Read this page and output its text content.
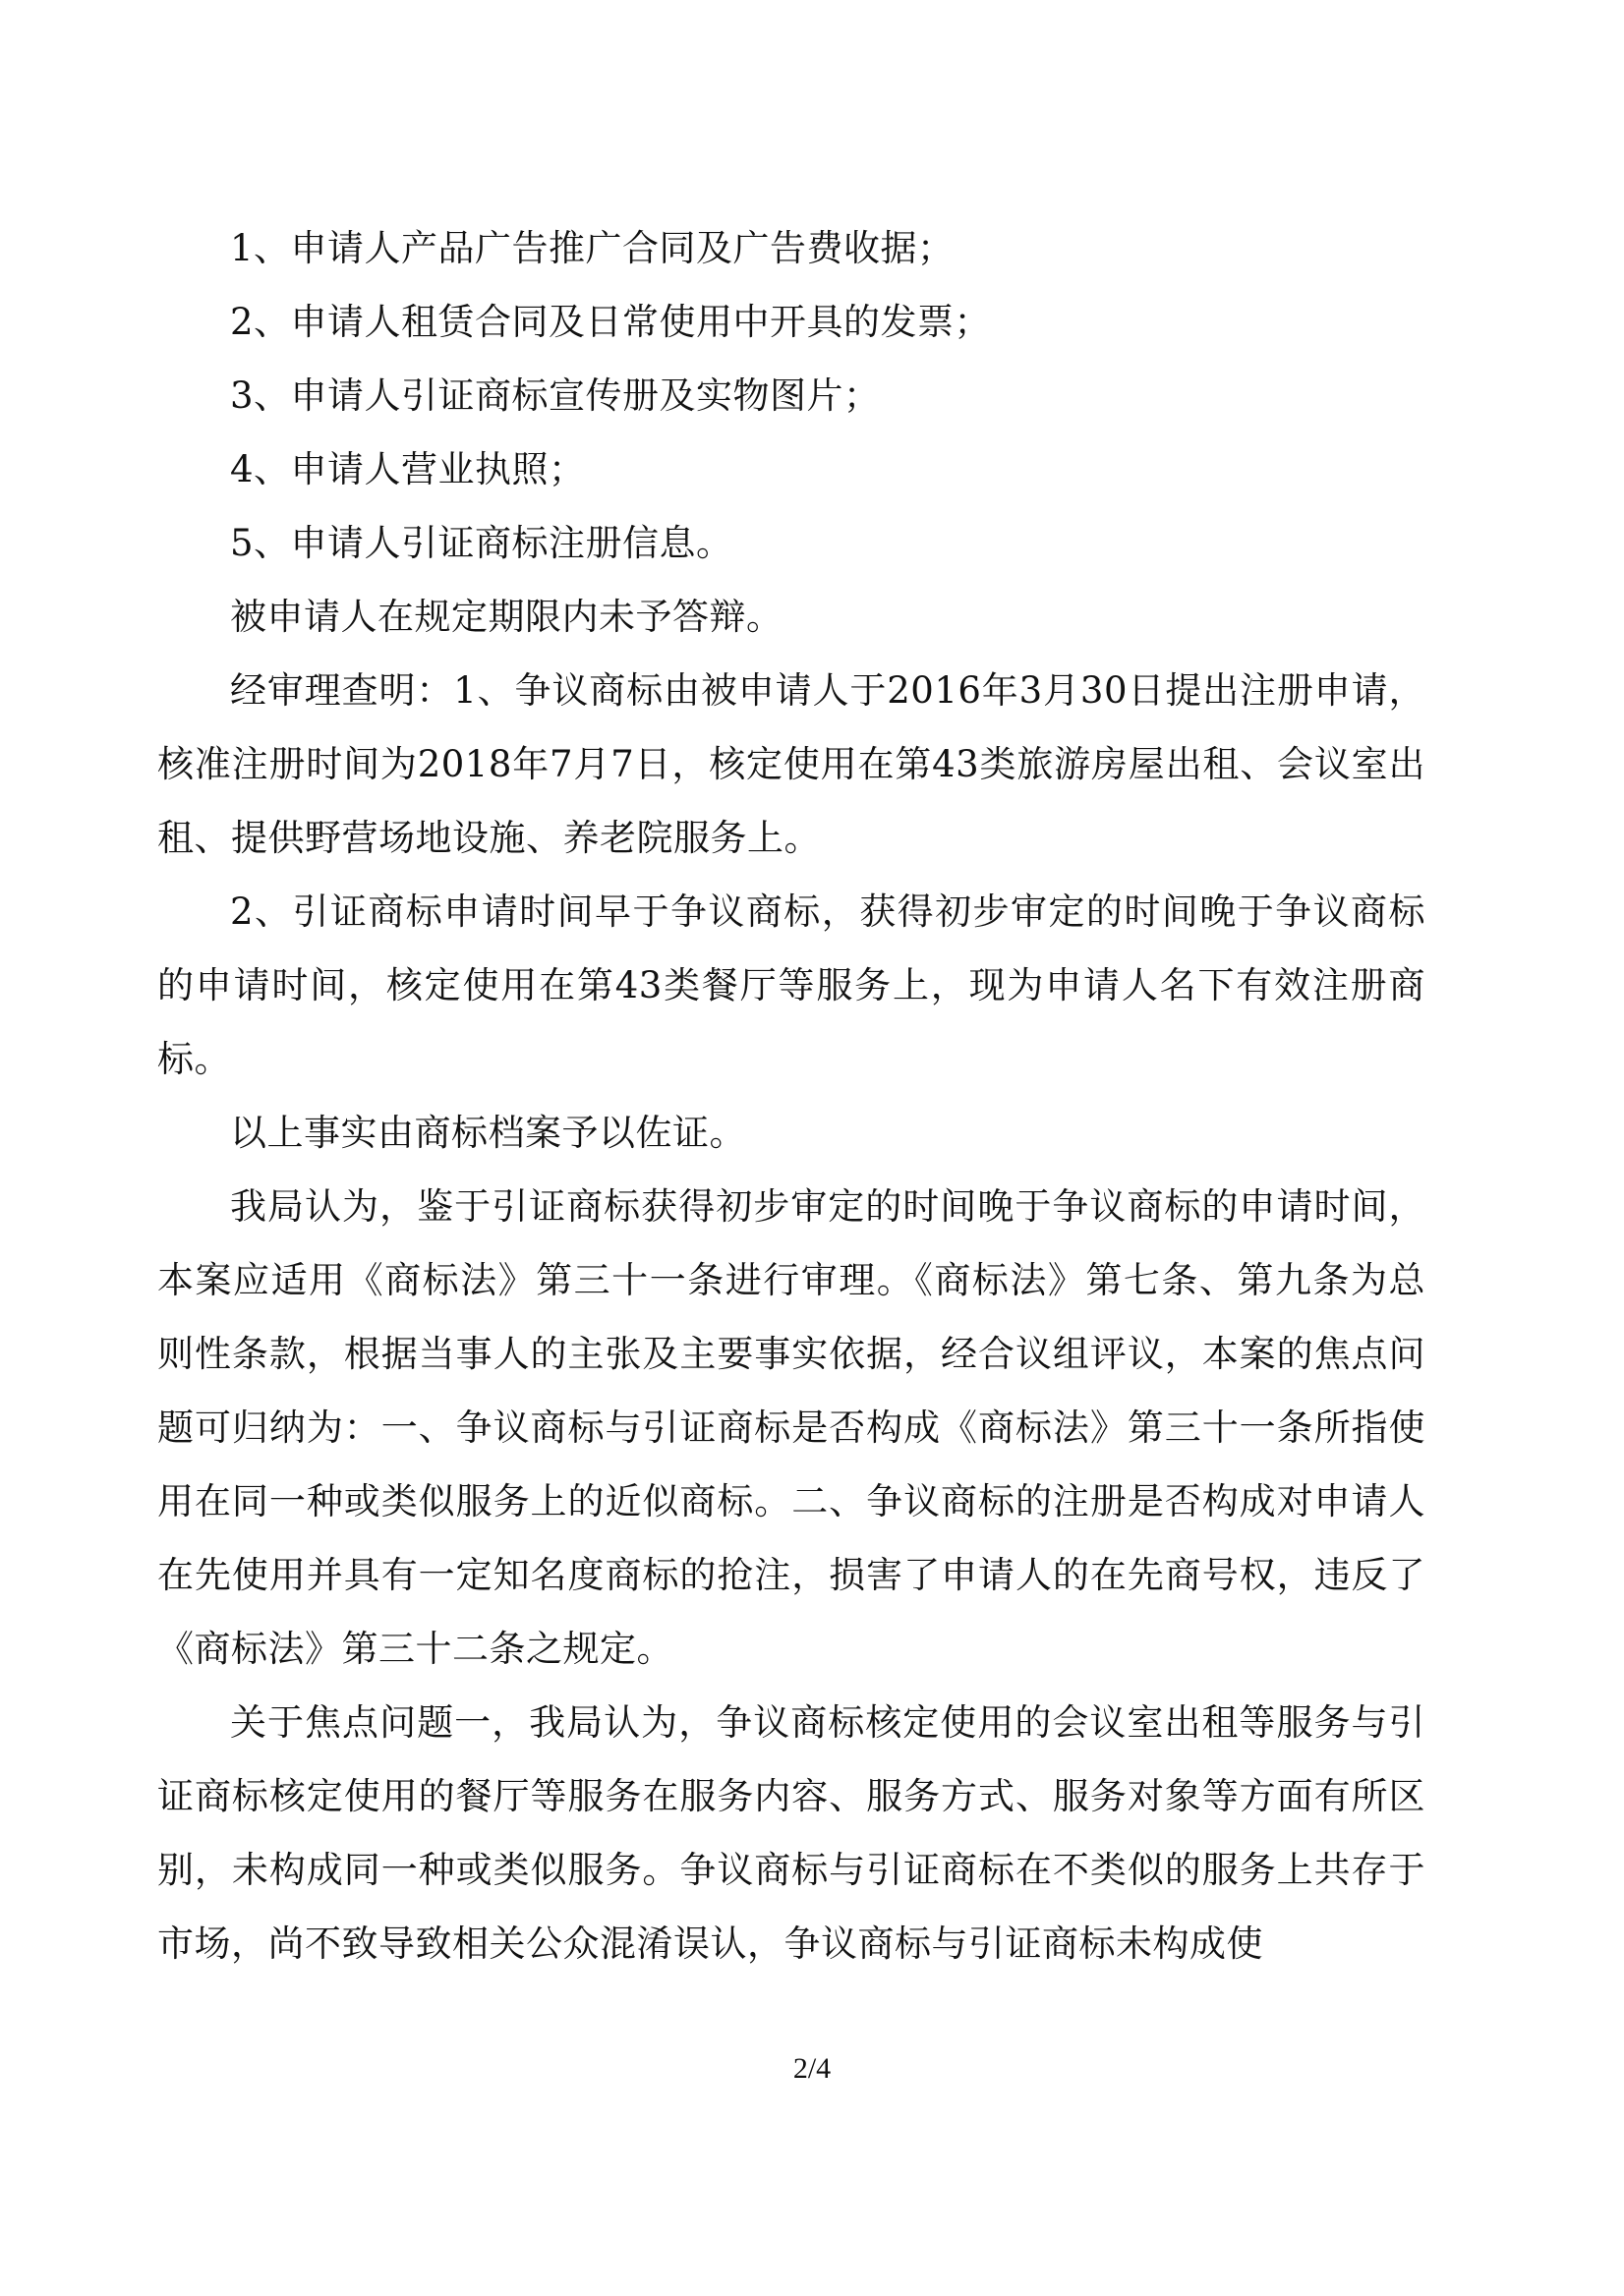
1、申请人产品广告推广合同及广告费收据；

2、申请人租赁合同及日常使用中开具的发票；

3、申请人引证商标宣传册及实物图片；

4、申请人营业执照；

5、申请人引证商标注册信息。

被申请人在规定期限内未予答辩。

经审理查明：1、争议商标由被申请人于2016年3月30日提出注册申请，核准注册时间为2018年7月7日，核定使用在第43类旅游房屋出租、会议室出租、提供野营场地设施、养老院服务上。

2、引证商标申请时间早于争议商标，获得初步审定的时间晚于争议商标的申请时间，核定使用在第43类餐厅等服务上，现为申请人名下有效注册商标。

以上事实由商标档案予以佐证。

我局认为，鉴于引证商标获得初步审定的时间晚于争议商标的申请时间，本案应适用《商标法》第三十一条进行审理。《商标法》第七条、第九条为总则性条款，根据当事人的主张及主要事实依据，经合议组评议，本案的焦点问题可归纳为：一、争议商标与引证商标是否构成《商标法》第三十一条所指使用在同一种或类似服务上的近似商标。二、争议商标的注册是否构成对申请人在先使用并具有一定知名度商标的抢注，损害了申请人的在先商号权，违反了《商标法》第三十二条之规定。

关于焦点问题一，我局认为，争议商标核定使用的会议室出租等服务与引证商标核定使用的餐厅等服务在服务内容、服务方式、服务对象等方面有所区别，未构成同一种或类似服务。争议商标与引证商标在不类似的服务上共存于市场，尚不致导致相关公众混淆误认，争议商标与引证商标未构成使

2/4
